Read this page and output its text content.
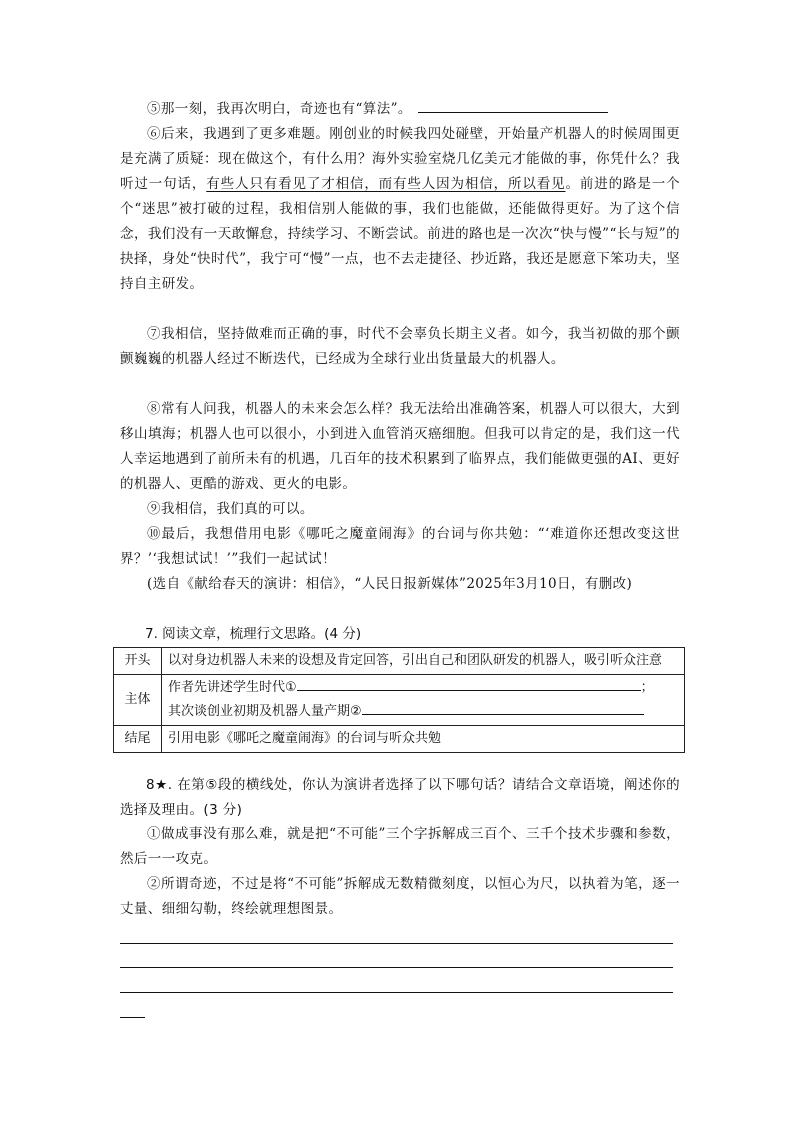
⑤那一刻，我再次明白，奇迹也有“算法”。

⑥后来，我遇到了更多难题。刚创业的时候我四处碰壁，开始量产机器人的时候周围更是充满了质疑：现在做这个，有什么用？海外实验室烧几亿美元才能做的事，你凭什么？我听过一句话，有些人只有看见了才相信，而有些人因为相信，所以看见。前进的路是一个个“迷思”被打破的过程，我相信别人能做的事，我们也能做，还能做得更好。为了这个信念，我们没有一天敢懈怠，持续学习、不断尝试。前进的路也是一次次“快与慢”“长与短”的抉择，身处“快时代”，我宁可“慢”一点，也不去走捷径、抄近路，我还是愿意下笨功夫，坚持自主研发。

⑦我相信，坚持做难而正确的事，时代不会辜负长期主义者。如今，我当初做的那个颤颤巍巍的机器人经过不断迭代，已经成为全球行业出货量最大的机器人。

⑧常有人问我，机器人的未来会怎么样？我无法给出准确答案，机器人可以很大，大到移山填海；机器人也可以很小，小到进入血管消灭癌细胞。但我可以肯定的是，我们这一代人幸运地遇到了前所未有的机遇，几百年的技术积累到了临界点，我们能做更强的AI、更好的机器人、更酷的游戏、更火的电影。

⑨我相信，我们真的可以。

⑩最后，我想借用电影《哪吒之魔童闹海》的台词与你共勉：“‘难道你还想改变这世界？’‘我想试试！’”我们一起试试！

(选自《献给春天的演讲：相信》，“人民日报新媒体”2025年3月10日，有删改)

7. 阅读文章，梳理行文思路。(4 分)
开头	以对身边机器人未来的设想及肯定回答，引出自己和团队研发的机器人，吸引听众注意
主体	作者先讲述学生时代① ；
其次谈创业初期及机器人量产期②

结尾	引用电影《哪吒之魔童闹海》的台词与听众共勉

8★. 在第⑤段的横线处，你认为演讲者选择了以下哪句话？请结合文章语境，阐述你的选择及理由。(3 分)

①做成事没有那么难，就是把“不可能”三个字拆解成三百个、三千个技术步骤和参数，然后一一攻克。

②所谓奇迹，不过是将“不可能”拆解成无数精微刻度，以恒心为尺，以执着为笔，逐一丈量、细细勾勒，终绘就理想图景。
